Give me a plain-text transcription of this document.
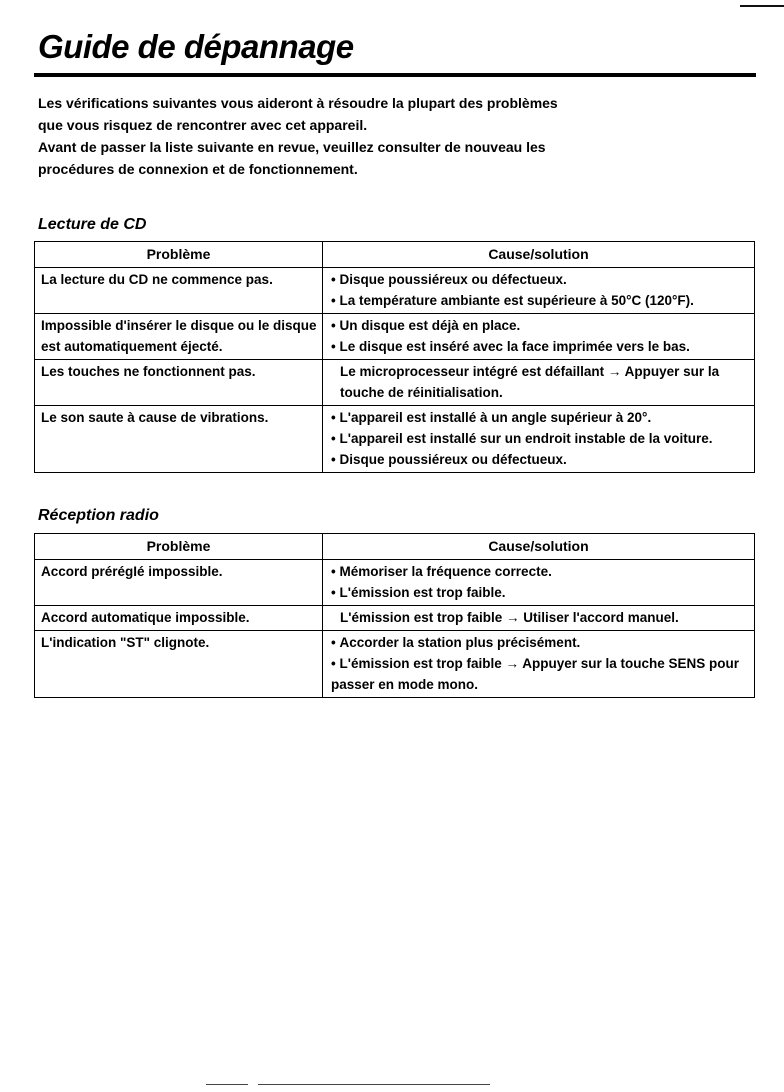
Guide de dépannage

Les vérifications suivantes vous aideront à résoudre la plupart des problèmes que vous risquez de rencontrer avec cet appareil.

Avant de passer la liste suivante en revue, veuillez consulter de nouveau les procédures de connexion et de fonctionnement.

Lecture de CD
Problème	Cause/solution
La lecture du CD ne commence pas.	• Disque poussiéreux ou défectueux.
• La température ambiante est supérieure à 50°C (120°F).

Impossible d'insérer le disque ou le disque est automatiquement éjecté.	• Un disque est déjà en place.
• Le disque est inséré avec la face imprimée vers le bas.

Les touches ne fonctionnent pas.	Le microprocesseur intégré est défaillant → Appuyer sur la touche de réinitialisation.

Le son saute à cause de vibrations.	• L'appareil est installé à un angle supérieur à 20°.
• L'appareil est installé sur un endroit instable de la voiture.
• Disque poussiéreux ou défectueux.
Réception radio
Problème	Cause/solution
Accord prérégIé impossible.	• Mémoriser la fréquence correcte.
• L'émission est trop faible.

Accord automatique impossible.	L'émission est trop faible → Utiliser l'accord manuel.

L'indication "ST" clignote.	• Accorder la station plus précisément.
• L'émission est trop faible → Appuyer sur la touche SENS pour passer en mode mono.
